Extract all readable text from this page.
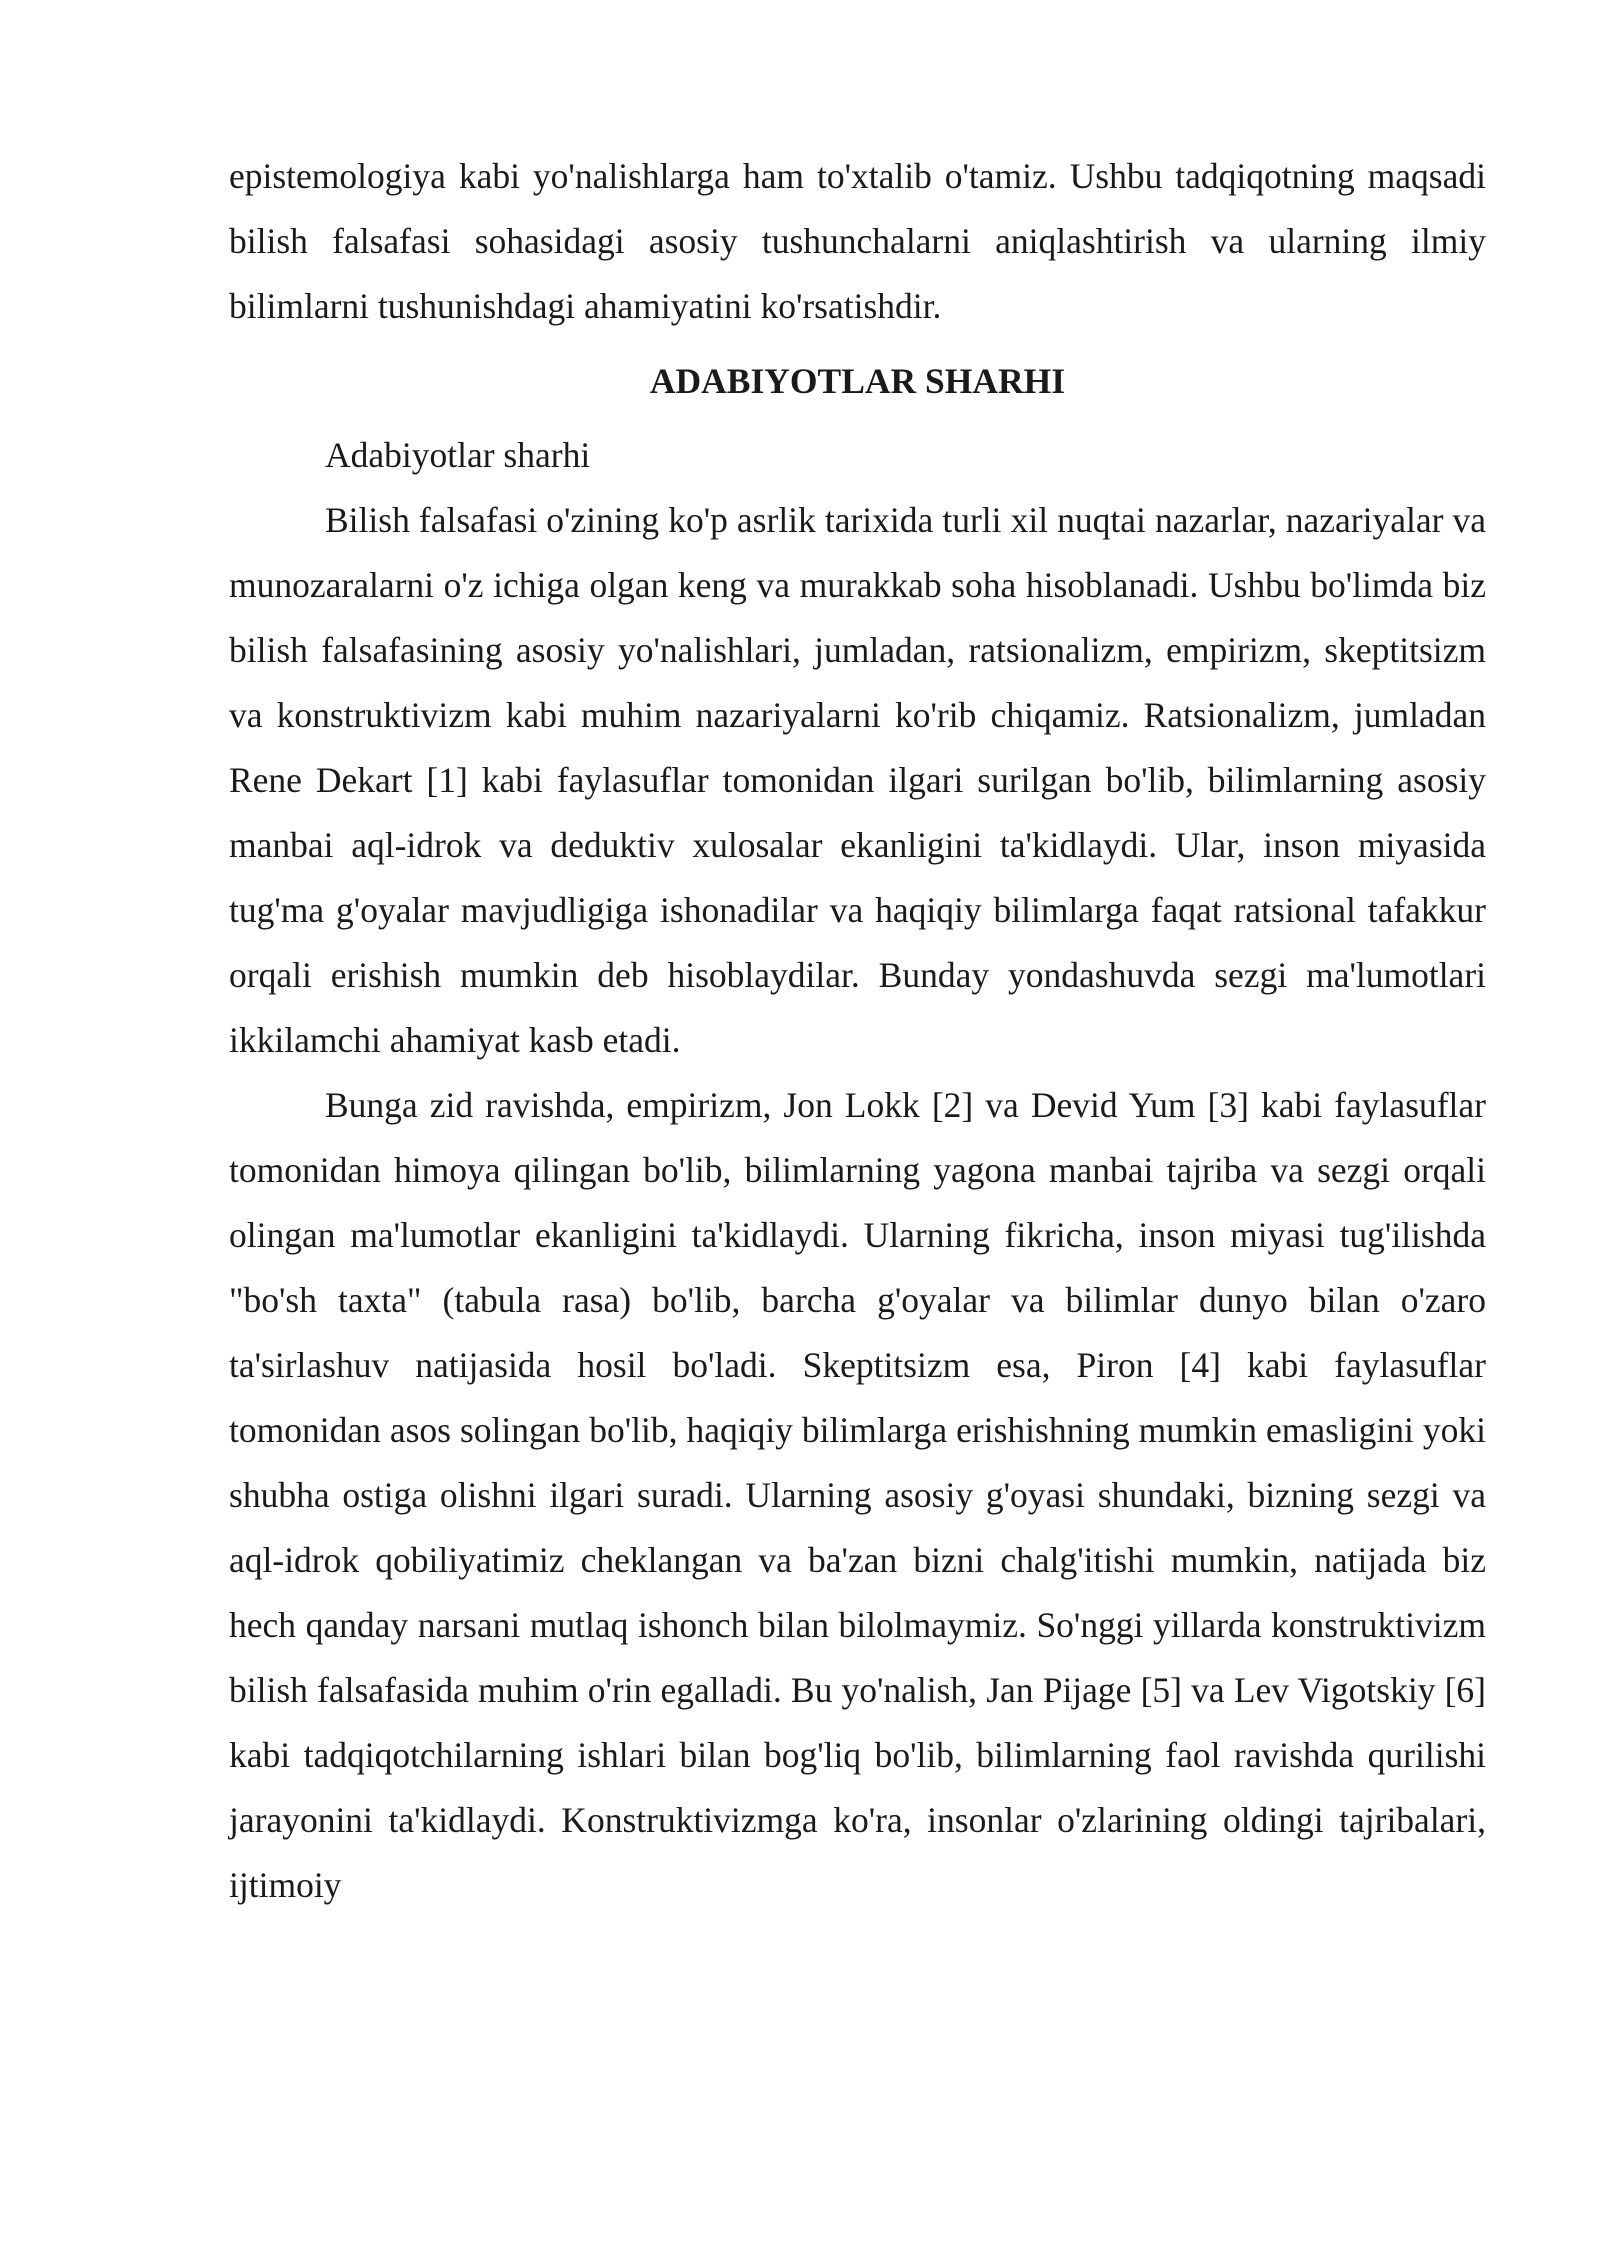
epistemologiya kabi yo'nalishlarga ham to'xtalib o'tamiz. Ushbu tadqiqotning maqsadi bilish falsafasi sohasidagi asosiy tushunchalarni aniqlashtirish va ularning ilmiy bilimlarni tushunishdagi ahamiyatini ko'rsatishdir.

ADABIYOTLAR SHARHI

Adabiyotlar sharhi

Bilish falsafasi o'zining ko'p asrlik tarixida turli xil nuqtai nazarlar, nazariyalar va munozaralarni o'z ichiga olgan keng va murakkab soha hisoblanadi. Ushbu bo'limda biz bilish falsafasining asosiy yo'nalishlari, jumladan, ratsionalizm, empirizm, skeptitsizm va konstruktivizm kabi muhim nazariyalarni ko'rib chiqamiz. Ratsionalizm, jumladan Rene Dekart [1] kabi faylasuflar tomonidan ilgari surilgan bo'lib, bilimlarning asosiy manbai aql-idrok va deduktiv xulosalar ekanligini ta'kidlaydi. Ular, inson miyasida tug'ma g'oyalar mavjudligiga ishonadilar va haqiqiy bilimlarga faqat ratsional tafakkur orqali erishish mumkin deb hisoblaydilar. Bunday yondashuvda sezgi ma'lumotlari ikkilamchi ahamiyat kasb etadi.

Bunga zid ravishda, empirizm, Jon Lokk [2] va Devid Yum [3] kabi faylasuflar tomonidan himoya qilingan bo'lib, bilimlarning yagona manbai tajriba va sezgi orqali olingan ma'lumotlar ekanligini ta'kidlaydi. Ularning fikricha, inson miyasi tug'ilishda "bo'sh taxta" (tabula rasa) bo'lib, barcha g'oyalar va bilimlar dunyo bilan o'zaro ta'sirlashuv natijasida hosil bo'ladi. Skeptitsizm esa, Piron [4] kabi faylasuflar tomonidan asos solingan bo'lib, haqiqiy bilimlarga erishishning mumkin emasligini yoki shubha ostiga olishni ilgari suradi. Ularning asosiy g'oyasi shundaki, bizning sezgi va aql-idrok qobiliyatimiz cheklangan va ba'zan bizni chalg'itishi mumkin, natijada biz hech qanday narsani mutlaq ishonch bilan bilolmaymiz. So'nggi yillarda konstruktivizm bilish falsafasida muhim o'rin egalladi. Bu yo'nalish, Jan Pijage [5] va Lev Vigotskiy [6] kabi tadqiqotchilarning ishlari bilan bog'liq bo'lib, bilimlarning faol ravishda qurilishi jarayonini ta'kidlaydi. Konstruktivizmga ko'ra, insonlar o'zlarining oldingi tajribalari, ijtimoiy
